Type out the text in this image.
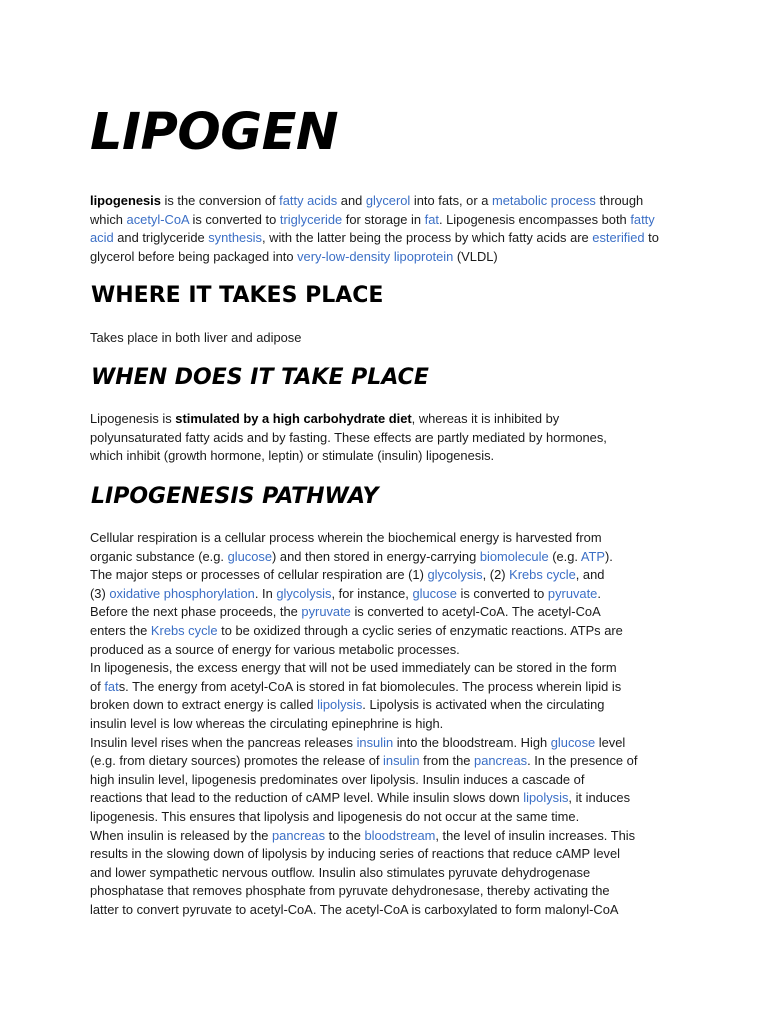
LIPOGEN
lipogenesis is the conversion of fatty acids and glycerol into fats, or a metabolic process through
which acetyl-CoA is converted to triglyceride for storage in fat. Lipogenesis encompasses both fatty
acid and triglyceride synthesis, with the latter being the process by which fatty acids are esterified to
glycerol before being packaged into very-low-density lipoprotein (VLDL)
WHERE IT TAKES PLACE
Takes place in both liver and adipose
WHEN DOES IT TAKE PLACE
Lipogenesis is stimulated by a high carbohydrate diet, whereas it is inhibited by
polyunsaturated fatty acids and by fasting. These effects are partly mediated by hormones,
which inhibit (growth hormone, leptin) or stimulate (insulin) lipogenesis.
LIPOGENESIS PATHWAY
Cellular respiration is a cellular process wherein the biochemical energy is harvested from
organic substance (e.g. glucose) and then stored in energy-carrying biomolecule (e.g. ATP).
The major steps or processes of cellular respiration are (1) glycolysis, (2) Krebs cycle, and
(3) oxidative phosphorylation. In glycolysis, for instance, glucose is converted to pyruvate.
Before the next phase proceeds, the pyruvate is converted to acetyl-CoA. The acetyl-CoA
enters the Krebs cycle to be oxidized through a cyclic series of enzymatic reactions. ATPs are
produced as a source of energy for various metabolic processes.
In lipogenesis, the excess energy that will not be used immediately can be stored in the form
of fats. The energy from acetyl-CoA is stored in fat biomolecules. The process wherein lipid is
broken down to extract energy is called lipolysis. Lipolysis is activated when the circulating
insulin level is low whereas the circulating epinephrine is high.
Insulin level rises when the pancreas releases insulin into the bloodstream. High glucose level
(e.g. from dietary sources) promotes the release of insulin from the pancreas. In the presence of
high insulin level, lipogenesis predominates over lipolysis. Insulin induces a cascade of
reactions that lead to the reduction of cAMP level. While insulin slows down lipolysis, it induces
lipogenesis. This ensures that lipolysis and lipogenesis do not occur at the same time.
When insulin is released by the pancreas to the bloodstream, the level of insulin increases. This
results in the slowing down of lipolysis by inducing series of reactions that reduce cAMP level
and lower sympathetic nervous outflow. Insulin also stimulates pyruvate dehydrogenase
phosphatase that removes phosphate from pyruvate dehydronesase, thereby activating the
latter to convert pyruvate to acetyl-CoA. The acetyl-CoA is carboxylated to form malonyl-CoA
